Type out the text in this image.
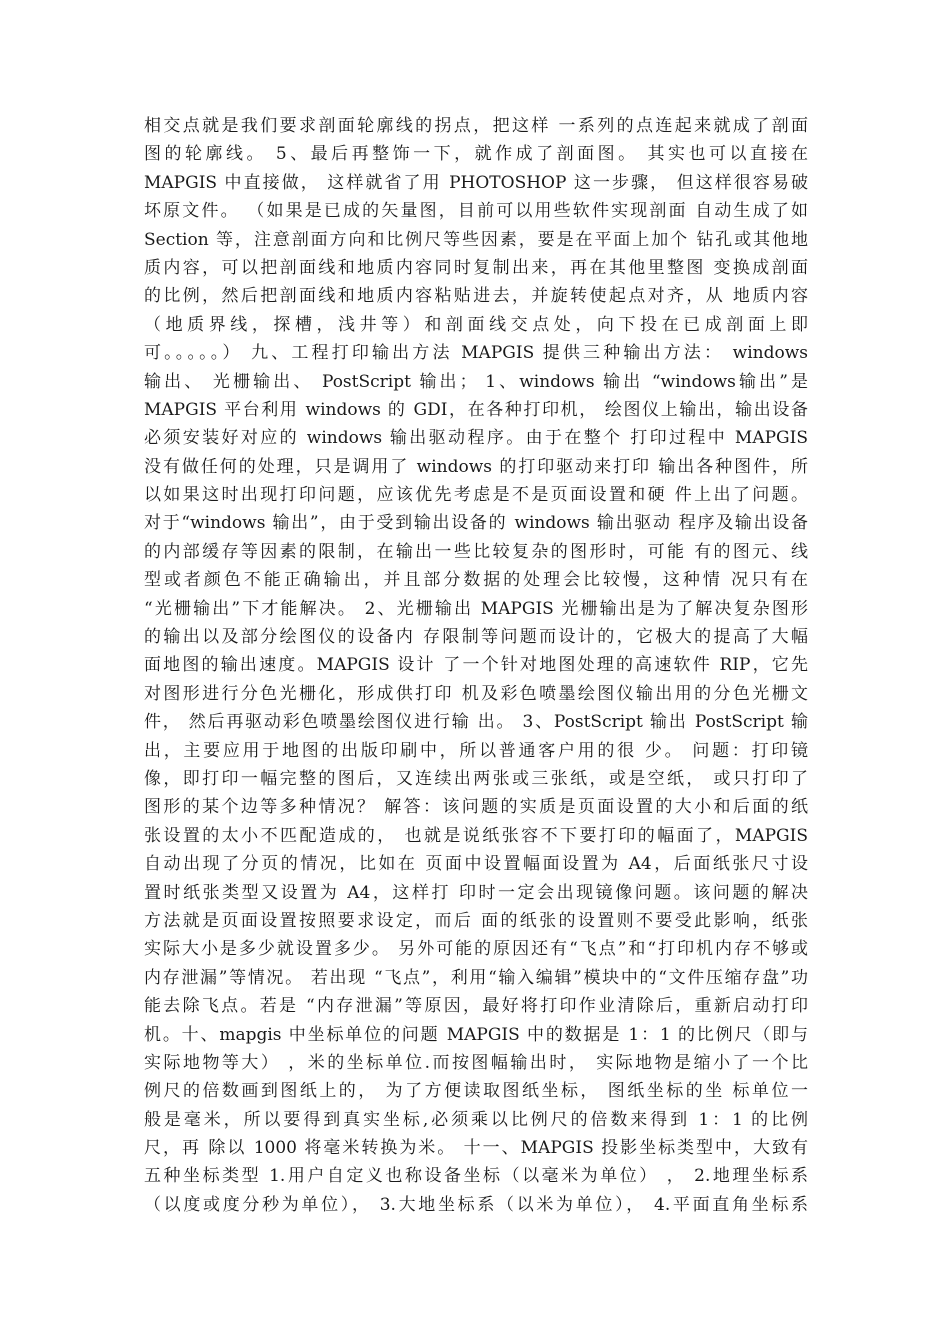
相交点就是我们要求剖面轮廓线的拐点，把这样 一系列的点连起来就成了剖面
图的轮廓线。 5、最后再整饰一下，就作成了剖面图。 其实也可以直接在
MAPGIS 中直接做， 这样就省了用 PHOTOSHOP 这一步骤， 但这样很容易破
坏原文件。 （如果是已成的矢量图，目前可以用些软件实现剖面 自动生成了如
Section 等，注意剖面方向和比例尺等些因素，要是在平面上加个 钻孔或其他地
质内容，可以把剖面线和地质内容同时复制出来，再在其他里整图 变换成剖面
的比例，然后把剖面线和地质内容粘贴进去，并旋转使起点对齐，从 地质内容
（地质界线，探槽，浅井等）和剖面线交点处，向下投在已成剖面上即
可。。。。。） 九、工程打印输出方法 MAPGIS 提供三种输出方法： windows
输出、 光栅输出、 PostScript 输出； 1、windows 输出 “windows输出”是
MAPGIS 平台利用 windows 的 GDI，在各种打印机， 绘图仪上输出，输出设备
必须安装好对应的 windows 输出驱动程序。由于在整个 打印过程中 MAPGIS
没有做任何的处理，只是调用了 windows 的打印驱动来打印 输出各种图件，所
以如果这时出现打印问题，应该优先考虑是不是页面设置和硬 件上出了问题。
对于“windows 输出”，由于受到输出设备的 windows 输出驱动 程序及输出设备
的内部缓存等因素的限制，在输出一些比较复杂的图形时，可能 有的图元、线
型或者颜色不能正确输出，并且部分数据的处理会比较慢，这种情 况只有在
“光栅输出”下才能解决。 2、光栅输出 MAPGIS 光栅输出是为了解决复杂图形
的输出以及部分绘图仪的设备内 存限制等问题而设计的，它极大的提高了大幅
面地图的输出速度。MAPGIS 设计 了一个针对地图处理的高速软件 RIP，它先
对图形进行分色光栅化，形成供打印 机及彩色喷墨绘图仪输出用的分色光栅文
件， 然后再驱动彩色喷墨绘图仪进行输 出。 3、PostScript 输出 PostScript 输
出，主要应用于地图的出版印刷中，所以普通客户用的很 少。 问题：打印镜
像，即打印一幅完整的图后，又连续出两张或三张纸，或是空纸， 或只打印了
图形的某个边等多种情况？ 解答：该问题的实质是页面设置的大小和后面的纸
张设置的太小不匹配造成的， 也就是说纸张容不下要打印的幅面了，MAPGIS
自动出现了分页的情况，比如在 页面中设置幅面设置为 A4，后面纸张尺寸设
置时纸张类型又设置为 A4，这样打 印时一定会出现镜像问题。该问题的解决
方法就是页面设置按照要求设定，而后 面的纸张的设置则不要受此影响，纸张
实际大小是多少就设置多少。 另外可能的原因还有“飞点”和“打印机内存不够或
内存泄漏”等情况。 若出现 “飞点”，利用“输入编辑”模块中的“文件压缩存盘”功
能去除飞点。若是 “内存泄漏”等原因，最好将打印作业清除后，重新启动打印
机。十、mapgis 中坐标单位的问题 MAPGIS 中的数据是 1：1 的比例尺（即与
实际地物等大） ，米的坐标单位.而按图幅输出时， 实际地物是缩小了一个比
例尺的倍数画到图纸上的， 为了方便读取图纸坐标， 图纸坐标的坐 标单位一
般是毫米，所以要得到真实坐标,必须乘以比例尺的倍数来得到 1：1 的比例
尺，再 除以 1000 将毫米转换为米。 十一、MAPGIS 投影坐标类型中，大致有
五种坐标类型 1.用户自定义也称设备坐标（以毫米为单位） ， 2.地理坐标系
（以度或度分秒为单位）， 3.大地坐标系（以米为单位）， 4.平面直角坐标系
